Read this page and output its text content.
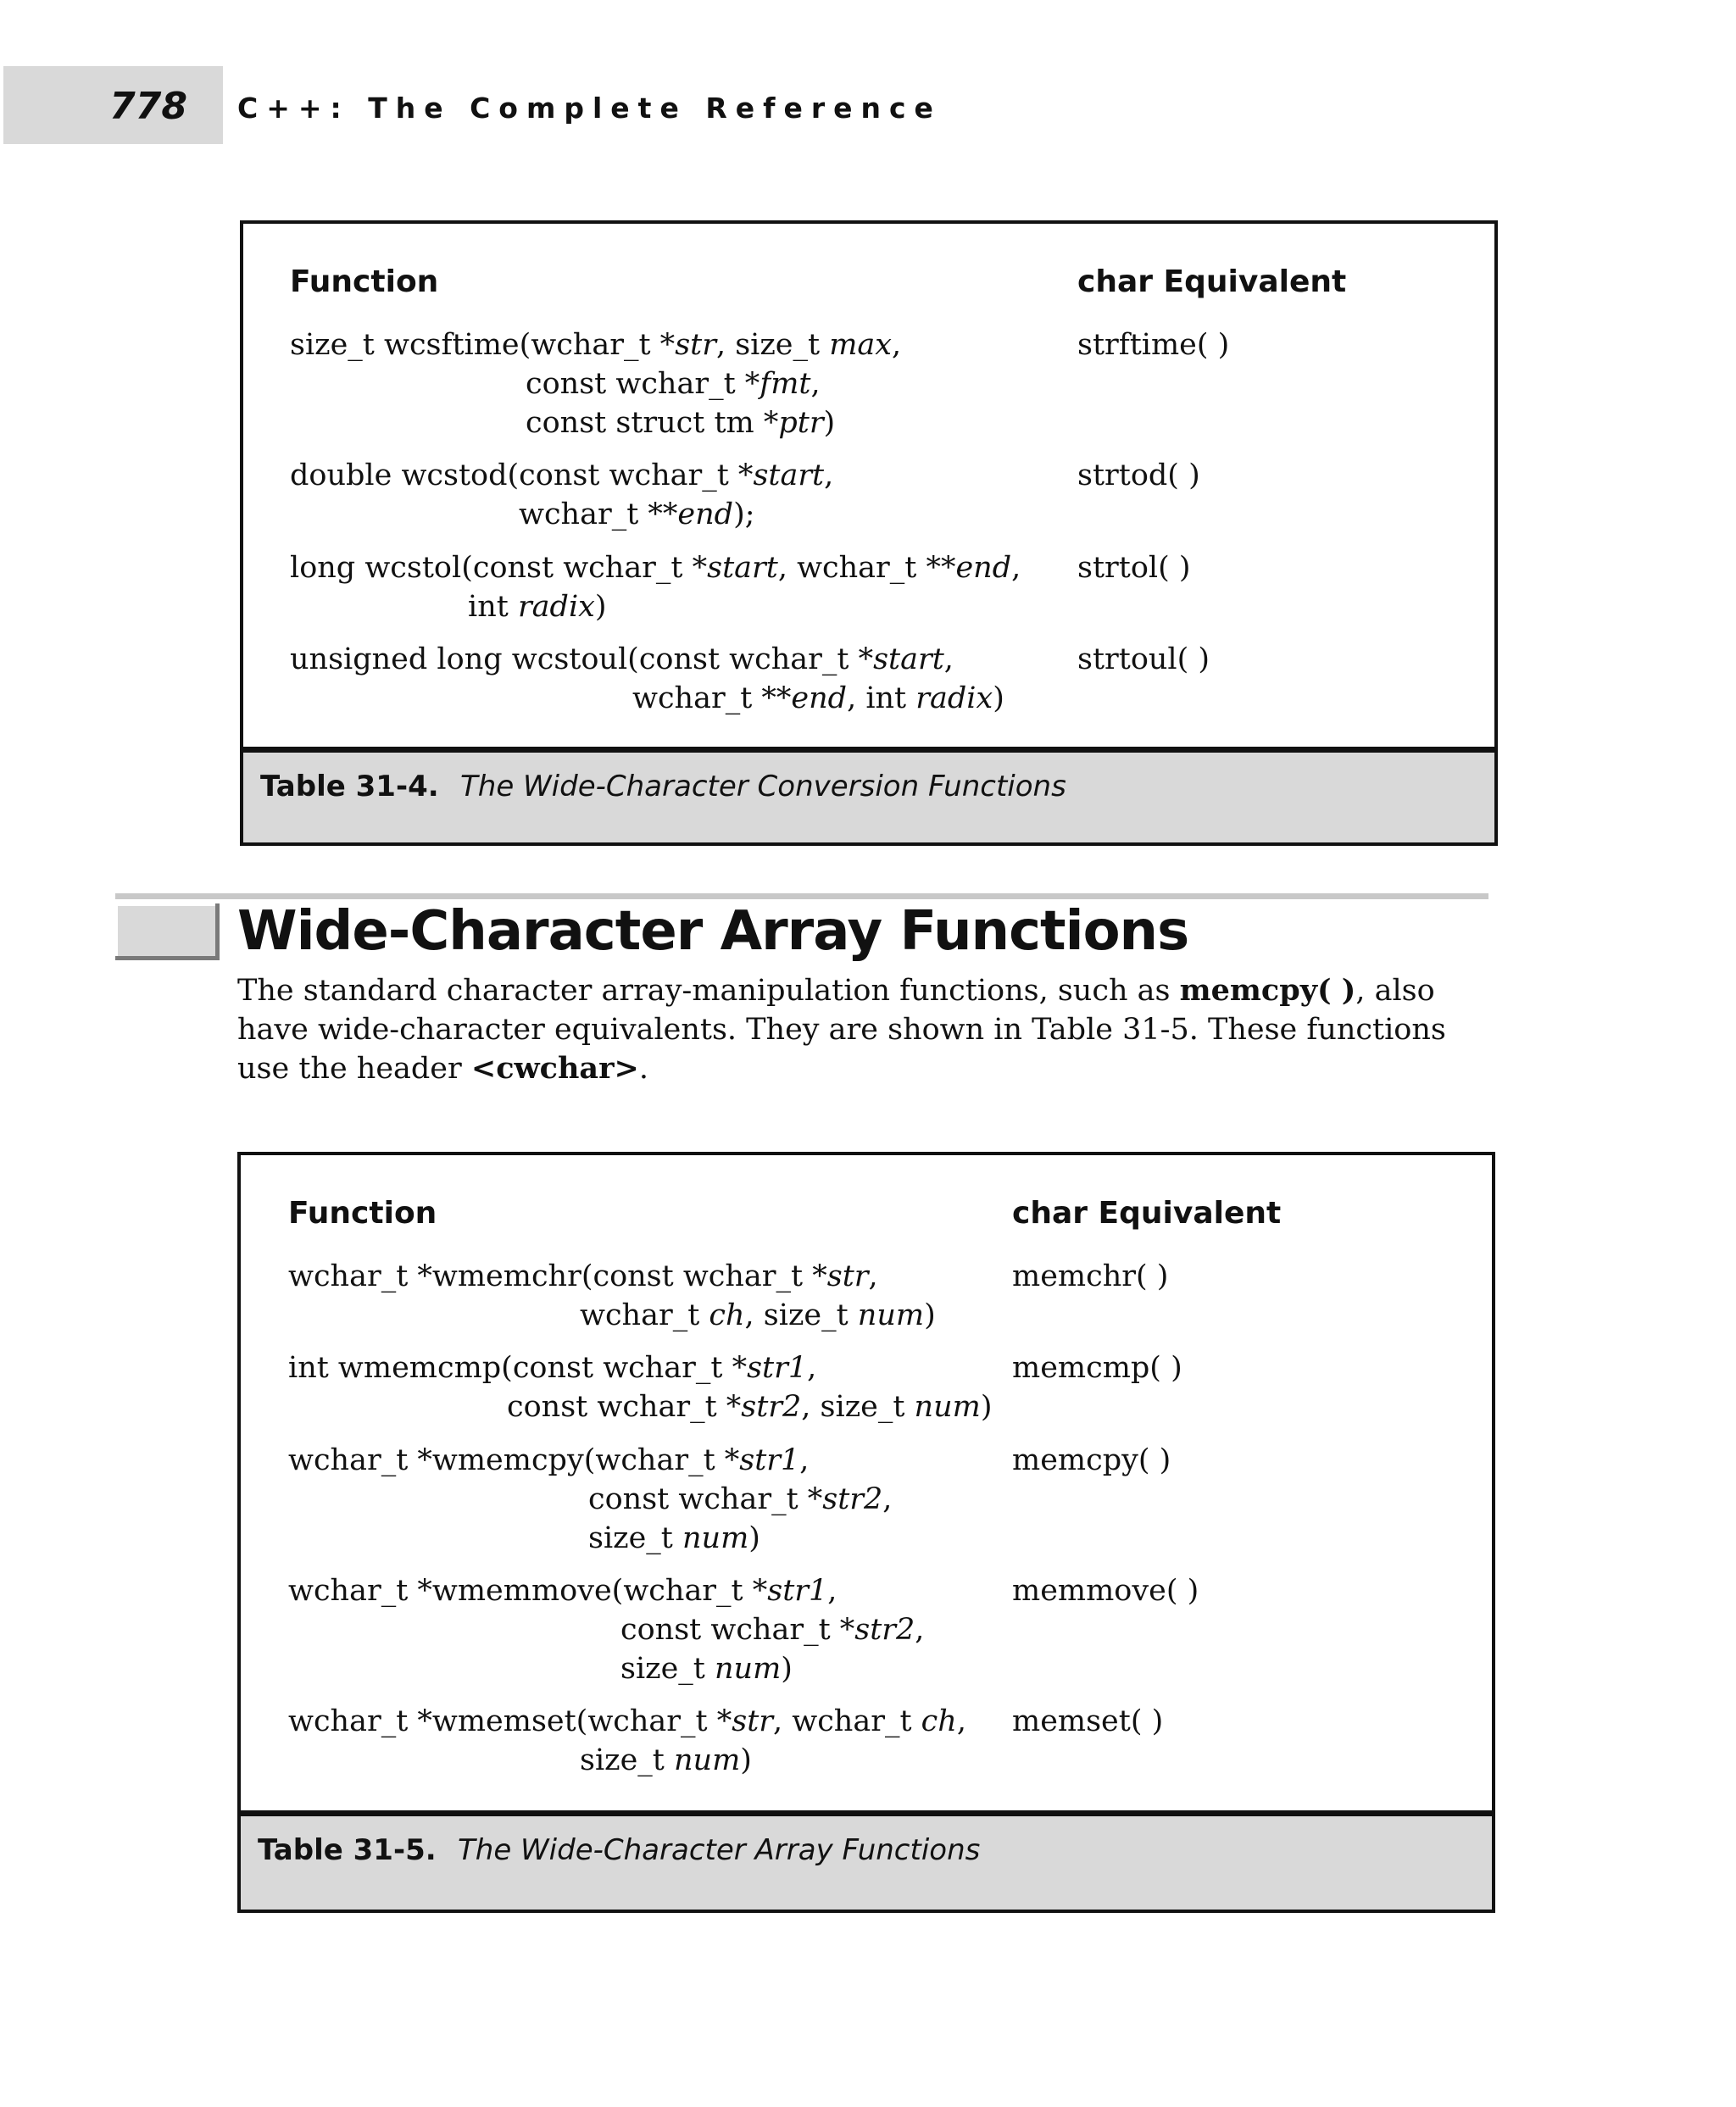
778 C++: The Complete Reference
Function	char Equivalent
size_t wcsftime(wchar_t *str, size_t max,
const wchar_t *fmt,
const struct tm *ptr)
strftime( )
double wcstod(const wchar_t *start,
wchar_t **end);
strtod( )
long wcstol(const wchar_t *start, wchar_t **end,
int radix)
strtol( )
unsigned long wcstoul(const wchar_t *start,
wchar_t **end, int radix)
strtoul( )
Table 31-4. The Wide-Character Conversion Functions
Wide-Character Array Functions
The standard character array-manipulation functions, such as memcpy( ), also have wide-character equivalents. They are shown in Table 31-5. These functions use the header <cwchar>.
Function	char Equivalent
wchar_t *wmemchr(const wchar_t *str,
wchar_t ch, size_t num)
memchr( )
int wmemcmp(const wchar_t *str1,
const wchar_t *str2, size_t num)
memcmp( )
wchar_t *wmemcpy(wchar_t *str1,
const wchar_t *str2,
size_t num)
memcpy( )
wchar_t *wmemmove(wchar_t *str1,
const wchar_t *str2,
size_t num)
memmove( )
wchar_t *wmemset(wchar_t *str, wchar_t ch,
size_t num)
memset( )
Table 31-5. The Wide-Character Array Functions
